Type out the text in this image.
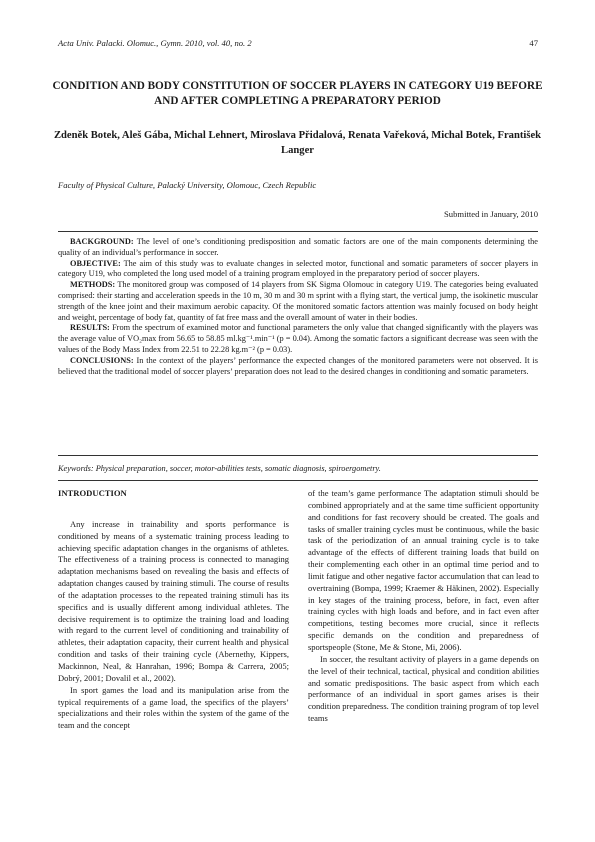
Acta Univ. Palacki. Olomuc., Gymn. 2010, vol. 40, no. 2	47
CONDITION AND BODY CONSTITUTION OF SOCCER PLAYERS IN CATEGORY U19 BEFORE AND AFTER COMPLETING A PREPARATORY PERIOD
Zdeněk Botek, Aleš Gába, Michal Lehnert, Miroslava Přidalová, Renata Vařeková, Michal Botek, František Langer
Faculty of Physical Culture, Palacký University, Olomouc, Czech Republic
Submitted in January, 2010

BACKGROUND: The level of one’s conditioning predisposition and somatic factors are one of the main components determining the quality of an individual’s performance in soccer.

OBJECTIVE: The aim of this study was to evaluate changes in selected motor, functional and somatic parameters of soccer players in category U19, who completed the long used model of a training program employed in the preparatory period of soccer players.

METHODS: The monitored group was composed of 14 players from SK Sigma Olomouc in category U19. The categories being evaluated comprised: their starting and acceleration speeds in the 10 m, 30 m and 30 m sprint with a flying start, the vertical jump, the isokinetic muscular strength of the knee joint and their maximum aerobic capacity. Of the monitored somatic factors attention was mainly focused on body height and weight, percentage of body fat, quantity of fat free mass and the overall amount of water in their bodies.

RESULTS: From the spectrum of examined motor and functional parameters the only value that changed significantly with the players was the average value of VO₂max from 56.65 to 58.85 ml.kg⁻¹.min⁻¹ (p = 0.04). Among the somatic factors a significant decrease was seen with the values of the Body Mass Index from 22.51 to 22.28 kg.m⁻² (p = 0.03).

CONCLUSIONS: In the context of the players’ performance the expected changes of the monitored parameters were not observed. It is believed that the traditional model of soccer players’ preparation does not lead to the desired changes in conditioning and somatic parameters.

Keywords: Physical preparation, soccer, motor-abilities tests, somatic diagnosis, spiroergometry.
INTRODUCTION

Any increase in trainability and sports performance is conditioned by means of a systematic training process leading to achieving specific adaptation changes in the organisms of athletes. The effectiveness of a training process is connected to managing adaptation mechanisms based on revealing the basis and effects of adaptation changes caused by training stimuli. The course of results of the adaptation processes to the repeated training stimuli has its specifics and is usually different among individual athletes. The decisive requirement is to optimize the training load and loading with regard to the current level of conditioning and trainability of athletes, their adaptation capacity, their current health and physical condition and tasks of their training cycle (Abernethy, Kippers, Mackinnon, Neal, & Hanrahan, 1996; Bompa & Carrera, 2005; Dobrý, 2001; Dovalil et al., 2002).

In sport games the load and its manipulation arise from the typical requirements of a game load, the specifics of the players’ specializations and their roles within the system of the game of the team and the concept

of the team’s game performance The adaptation stimuli should be combined appropriately and at the same time sufficient opportunity and conditions for fast recovery should be created. The goals and tasks of smaller training cycles must be continuous, while the basic task of the periodization of an annual training cycle is to take advantage of the effects of different training loads that build on their complementing each other in an optimal time period and to limit fatigue and other negative factor accumulation that can lead to overtraining (Bompa, 1999; Kraemer & Häkinen, 2002). Especially in key stages of the training process, before, in fact, even after training cycles with high loads and before, and in fact even after competitions, testing becomes more crucial, since it reflects specific demands on the condition and preparedness of sportspeople (Stone, Me & Stone, Mi, 2006).

In soccer, the resultant activity of players in a game depends on the level of their technical, tactical, physical and condition abilities and somatic predispositions. The basic aspect from which each performance of an individual in sport games arises is their condition preparedness. The condition training program of top level teams
